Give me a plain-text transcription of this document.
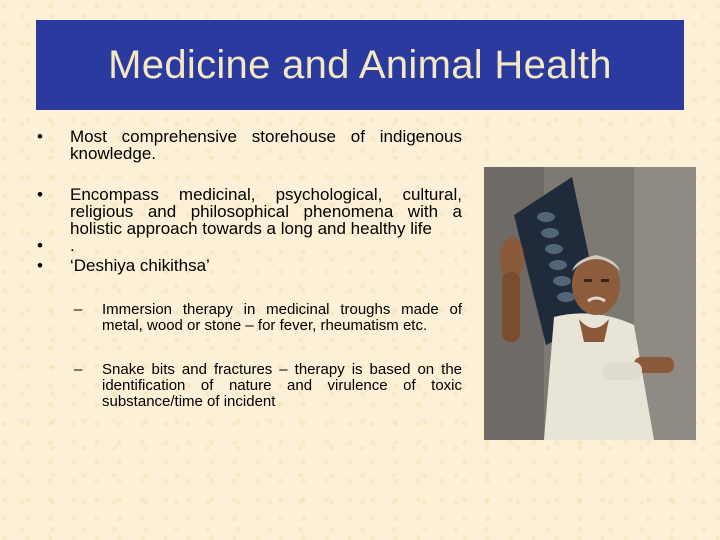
Medicine and Animal Health
•	Most comprehensive storehouse of indigenous knowledge.
•	Encompass medicinal, psychological, cultural, religious and philosophical phenomena with a holistic approach towards a long and healthy life
•	.
•	‘Deshiya chikithsa’
– Immersion therapy in medicinal troughs made of metal, wood or stone – for fever, rheumatism etc.
– Snake bits and fractures – therapy is based on the identification of nature and virulence of toxic substance/time of incident
